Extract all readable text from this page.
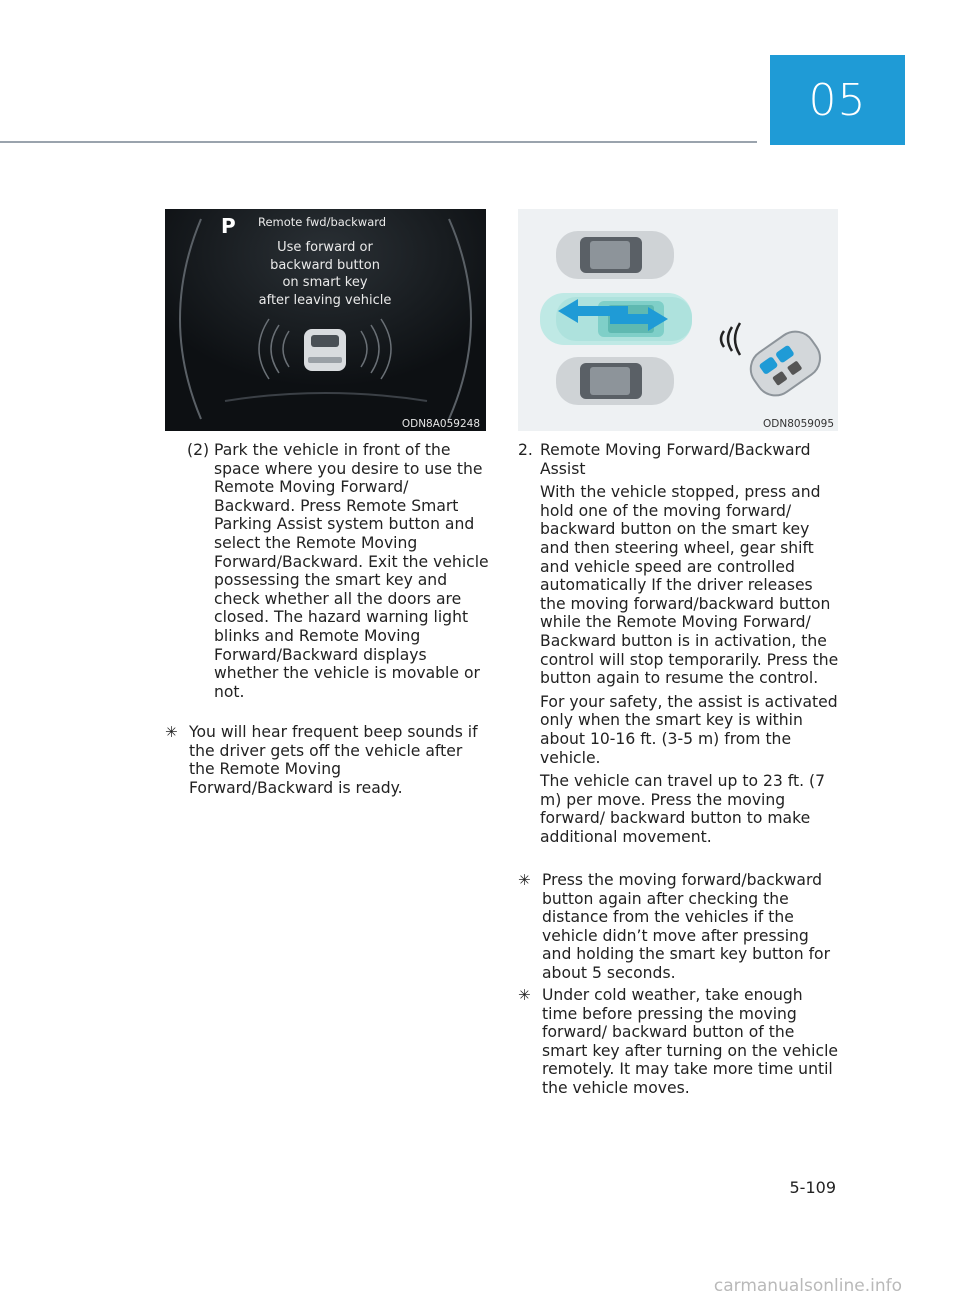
05
P Remote fwd/backward
Use forward or
backward button
on smart key
after leaving vehicle
ODN8A059248	ODN8059095
(2) Park the vehicle in front of the space where you desire to use the Remote Moving Forward/ Backward. Press Remote Smart Parking Assist system button and select the Remote Moving Forward/Backward. Exit the vehicle possessing the smart key and check whether all the doors are closed. The hazard warning light blinks and Remote Moving Forward/Backward displays whether the vehicle is movable or not.

✳ You will hear frequent beep sounds if the driver gets off the vehicle after the Remote Moving Forward/Backward is ready.

2. Remote Moving Forward/Backward Assist

With the vehicle stopped, press and hold one of the moving forward/ backward button on the smart key and then steering wheel, gear shift and vehicle speed are controlled automatically If the driver releases the moving forward/backward button while the Remote Moving Forward/ Backward button is in activation, the control will stop temporarily. Press the button again to resume the control.

For your safety, the assist is activated only when the smart key is within about 10-16 ft. (3-5 m) from the vehicle.

The vehicle can travel up to 23 ft. (7 m) per move. Press the moving forward/ backward button to make additional movement.

✳ Press the moving forward/backward button again after checking the distance from the vehicles if the vehicle didn’t move after pressing and holding the smart key button for about 5 seconds.

✳ Under cold weather, take enough time before pressing the moving forward/ backward button of the smart key after turning on the vehicle remotely. It may take more time until the vehicle moves.

5-109
carmanualsonline.info
